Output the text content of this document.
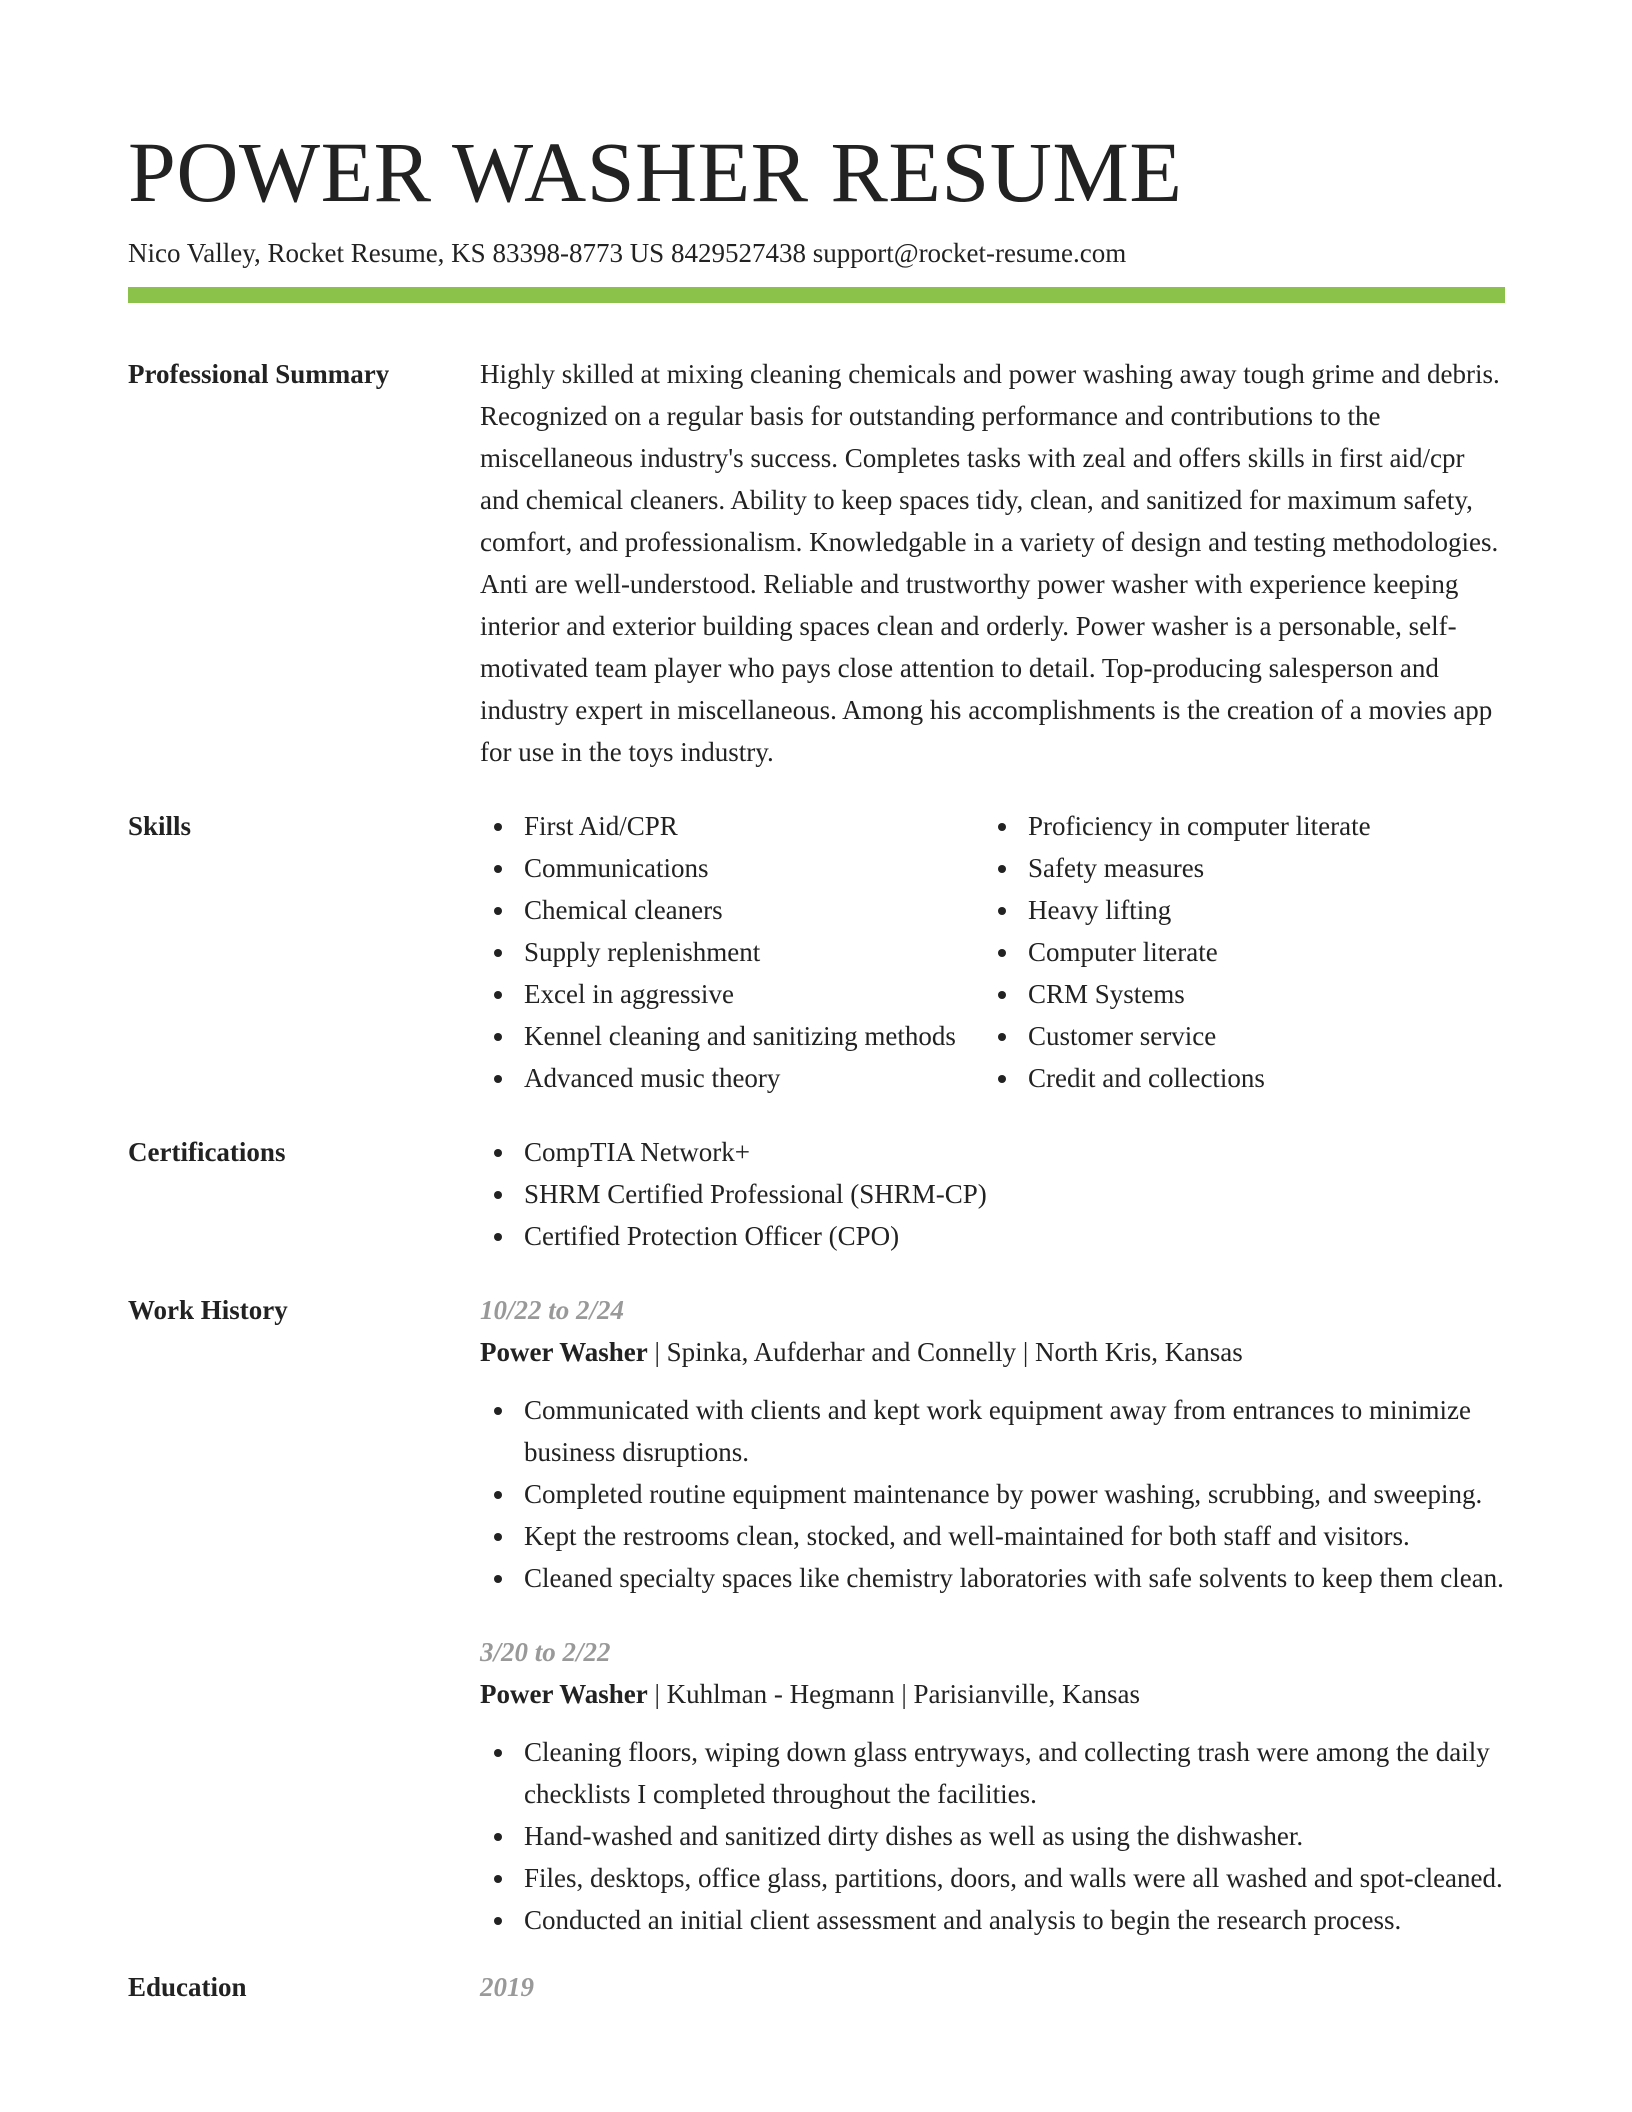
POWER WASHER RESUME
Nico Valley, Rocket Resume, KS 83398-8773 US 8429527438 support@rocket-resume.com
Professional Summary	Highly skilled at mixing cleaning chemicals and power washing away tough grime and debris. Recognized on a regular basis for outstanding performance and contributions to the miscellaneous industry's success. Completes tasks with zeal and offers skills in first aid/cpr and chemical cleaners. Ability to keep spaces tidy, clean, and sanitized for maximum safety, comfort, and professionalism. Knowledgable in a variety of design and testing methodologies. Anti are well-understood. Reliable and trustworthy power washer with experience keeping interior and exterior building spaces clean and orderly. Power washer is a personable, self-motivated team player who pays close attention to detail. Top-producing salesperson and industry expert in miscellaneous. Among his accomplishments is the creation of a movies app for use in the toys industry.

Skills	First Aid/CPR
Communications
Chemical cleaners
Supply replenishment
Excel in aggressive
Kennel cleaning and sanitizing methods
Advanced music theory
Proficiency in computer literate
Safety measures
Heavy lifting
Computer literate
CRM Systems
Customer service
Credit and collections
Certifications	CompTIA Network+
SHRM Certified Professional (SHRM-CP)
Certified Protection Officer (CPO)
Work History	10/22 to 2/24
Power Washer | Spinka, Aufderhar and Connelly | North Kris, Kansas
Communicated with clients and kept work equipment away from entrances to minimize business disruptions.
Completed routine equipment maintenance by power washing, scrubbing, and sweeping.
Kept the restrooms clean, stocked, and well-maintained for both staff and visitors.
Cleaned specialty spaces like chemistry laboratories with safe solvents to keep them clean.
3/20 to 2/22
Power Washer | Kuhlman - Hegmann | Parisianville, Kansas
Cleaning floors, wiping down glass entryways, and collecting trash were among the daily checklists I completed throughout the facilities.
Hand-washed and sanitized dirty dishes as well as using the dishwasher.
Files, desktops, office glass, partitions, doors, and walls were all washed and spot-cleaned.
Conducted an initial client assessment and analysis to begin the research process.
Education	2019
